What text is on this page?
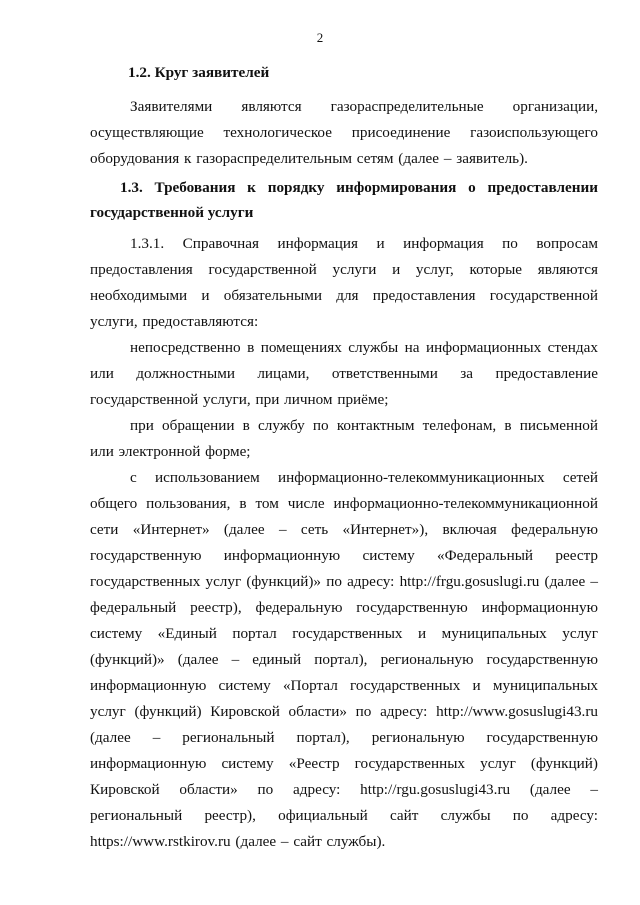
2
1.2. Круг заявителей

Заявителями являются газораспределительные организации, осуществляющие технологическое присоединение газоиспользующего оборудования к газораспределительным сетям (далее – заявитель).

1.3. Требования к порядку информирования о предоставлении государственной услуги

1.3.1. Справочная информация и информация по вопросам предоставления государственной услуги и услуг, которые являются необходимыми и обязательными для предоставления государственной услуги, предоставляются:

непосредственно в помещениях службы на информационных стендах или должностными лицами, ответственными за предоставление государственной услуги, при личном приёме;

при обращении в службу по контактным телефонам, в письменной или электронной форме;

с использованием информационно-телекоммуникационных сетей общего пользования, в том числе информационно-телекоммуникационной сети «Интернет» (далее – сеть «Интернет»), включая федеральную государственную информационную систему «Федеральный реестр государственных услуг (функций)» по адресу: http://frgu.gosuslugi.ru (далее – федеральный реестр), федеральную государственную информационную систему «Единый портал государственных и муниципальных услуг (функций)» (далее – единый портал), региональную государственную информационную систему «Портал государственных и муниципальных услуг (функций) Кировской области» по адресу: http://www.gosuslugi43.ru (далее – региональный портал), региональную государственную информационную систему «Реестр государственных услуг (функций) Кировской области» по адресу: http://rgu.gosuslugi43.ru (далее – региональный реестр), официальный сайт службы по адресу: https://www.rstkirov.ru (далее – сайт службы).
